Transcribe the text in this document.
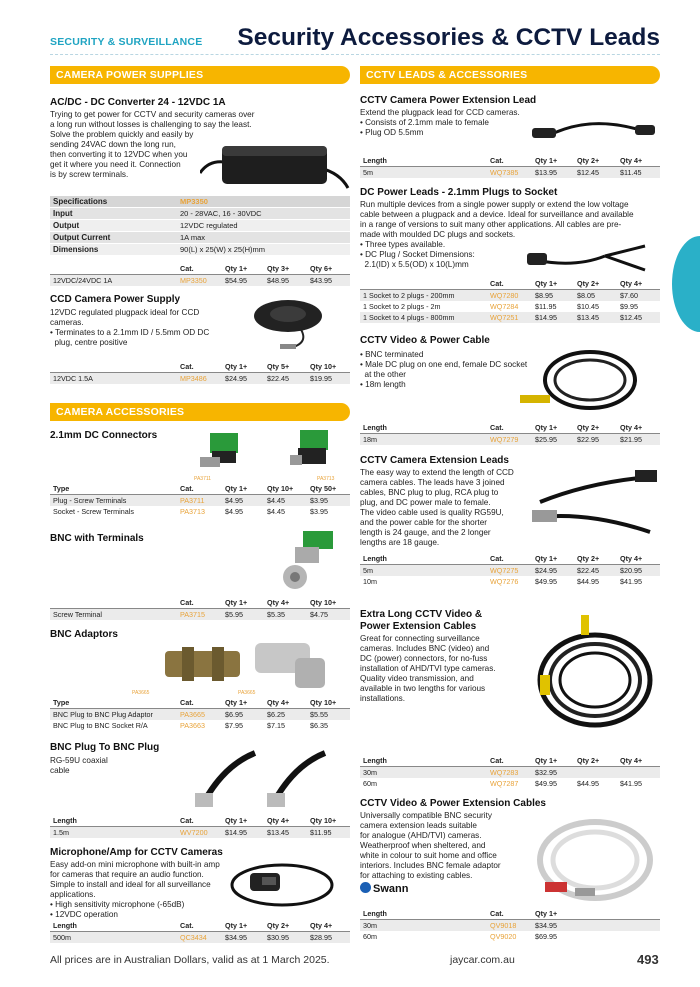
SECURITY & SURVEILLANCE Security Accessories & CCTV Leads
CAMERA POWER SUPPLIES
AC/DC - DC Converter 24 - 12VDC 1A
Trying to get power for CCTV and security cameras over
a long run without losses is challenging to say the least.
Solve the problem quickly and easily by
sending 24VAC down the long run,
then converting it to 12VDC when you
get it where you need it. Connection
is by screw terminals.
Specifications	MP3350
Input	20 - 28VAC, 16 - 30VDC
Output	12VDC regulated
Output Current	1A max
Dimensions	90(L) x 25(W) x 25(H)mm
Cat.	Qty 1+	Qty 3+	Qty 6+
12VDC/24VDC 1A	MP3350	$54.95	$48.95	$43.95
CCD Camera Power Supply
12VDC regulated plugpack ideal for CCD
cameras.
• Terminates to a 2.1mm ID / 5.5mm OD DC
plug, centre positive
Cat.	Qty 1+	Qty 5+	Qty 10+
12VDC 1.5A	MP3486	$24.95	$22.45	$19.95
CAMERA ACCESSORIES
2.1mm DC Connectors
PA3711	PA3713
Type	Cat.	Qty 1+	Qty 10+ Qty 50+
Plug - Screw Terminals	PA3711	$4.95	$4.45	$3.95
Socket - Screw Terminals	PA3713	$4.95	$4.45	$3.95
BNC with Terminals
Cat.	Qty 1+	Qty 4+	Qty 10+
Screw Terminal	PA3715	$5.95	$5.35	$4.75
BNC Adaptors
PA3665	PA3665
Type	Cat.	Qty 1+	Qty 4+	Qty 10+
BNC Plug to BNC Plug Adaptor	PA3665	$6.95	$6.25	$5.55
BNC Plug to BNC Socket R/A	PA3663	$7.95	$7.15	$6.35
BNC Plug To BNC Plug
RG-59U coaxial
cable
Length	Cat.	Qty 1+	Qty 4+	Qty 10+
1.5m	WV7200 $14.95	$13.45	$11.95
Microphone/Amp for CCTV Cameras
Easy add-on mini microphone with built-in amp
for cameras that require an audio function.
Simple to install and ideal for all surveillance
applications.
• High sensitivity microphone (-65dB)
• 12VDC operation
Length	Cat.	Qty 1+	Qty 2+	Qty 4+
500m	QC3434	$34.95	$30.95	$28.95
CCTV LEADS & ACCESSORIES
CCTV Camera Power Extension Lead
Extend the plugpack lead for CCD cameras.
• Consists of 2.1mm male to female
• Plug OD 5.5mm
Length	Cat.	Qty 1+	Qty 2+	Qty 4+
5m	WQ7385 $13.95	$12.45	$11.45
DC Power Leads - 2.1mm Plugs to Socket
Run multiple devices from a single power supply or extend the low voltage
cable between a plugpack and a device. Ideal for surveillance and available
in a range of versions to suit many other applications. All cables are pre-
made with moulded DC plugs and sockets.
• Three types available.
• DC Plug / Socket Dimensions:
2.1(ID) x 5.5(OD) x 10(L)mm
Cat.	Qty 1+	Qty 2+	Qty 4+
1 Socket to 2 plugs - 200mm	WQ7280 $8.95	$8.05	$7.60
1 Socket to 2 plugs - 2m	WQ7284 $11.95	$10.45	$9.95
1 Socket to 4 plugs - 800mm	WQ7251 $14.95	$13.45	$12.45
CCTV Video & Power Cable
• BNC terminated
• Male DC plug on one end, female DC socket
at the other
• 18m length
Length	Cat.	Qty 1+	Qty 2+	Qty 4+
18m	WQ7279 $25.95	$22.95	$21.95
CCTV Camera Extension Leads
The easy way to extend the length of CCD
camera cables. The leads have 3 joined
cables, BNC plug to plug, RCA plug to
plug, and DC power male to female.
The video cable used is quality RG59U,
and the power cable for the shorter
length is 24 gauge, and the 2 longer
lengths are 18 gauge.
Length	Cat.	Qty 1+	Qty 2+	Qty 4+
5m	WQ7275 $24.95	$22.45	$20.95
10m	WQ7276 $49.95	$44.95	$41.95
Extra Long CCTV Video &
Power Extension Cables
Great for connecting surveillance
cameras. Includes BNC (video) and
DC (power) connectors, for no-fuss
installation of AHD/TVI type cameras.
Quality video transmission, and
available in two lengths for various
installations.
Length	Cat.	Qty 1+	Qty 2+	Qty 4+
30m	WQ7283 $32.95
60m	WQ7287 $49.95	$44.95	$41.95
CCTV Video & Power Extension Cables
Universally compatible BNC security
camera extension leads suitable
for analogue (AHD/TVI) cameras.
Weatherproof when sheltered, and
white in colour to suit home and office
interiors. Includes BNC female adaptor
for attaching to existing cables.
Swann
Length	Cat.	Qty 1+
30m	QV9018	$34.95
60m	QV9020	$69.95
All prices are in Australian Dollars, valid as at 1 March 2025.	jaycar.com.au	493
